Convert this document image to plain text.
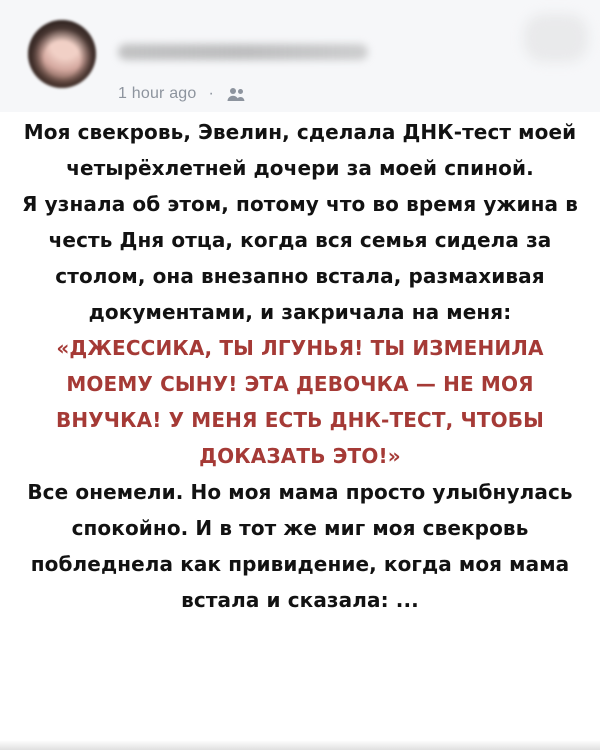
1 hour ago ·

Моя свекровь, Эвелин, сделала ДНК-тест моей четырёхлетней дочери за моей спиной.

Я узнала об этом, потому что во время ужина в честь Дня отца, когда вся семья сидела за столом, она внезапно встала, размахивая документами, и закричала на меня:

«ДЖЕССИКА, ТЫ ЛГУНЬЯ! ТЫ ИЗМЕНИЛА МОЕМУ СЫНУ! ЭТА ДЕВОЧКА — НЕ МОЯ ВНУЧКА! У МЕНЯ ЕСТЬ ДНК-ТЕСТ, ЧТОБЫ ДОКАЗАТЬ ЭТО!»

Все онемели. Но моя мама просто улыбнулась спокойно. И в тот же миг моя свекровь побледнела как привидение, когда моя мама встала и сказала: ...
